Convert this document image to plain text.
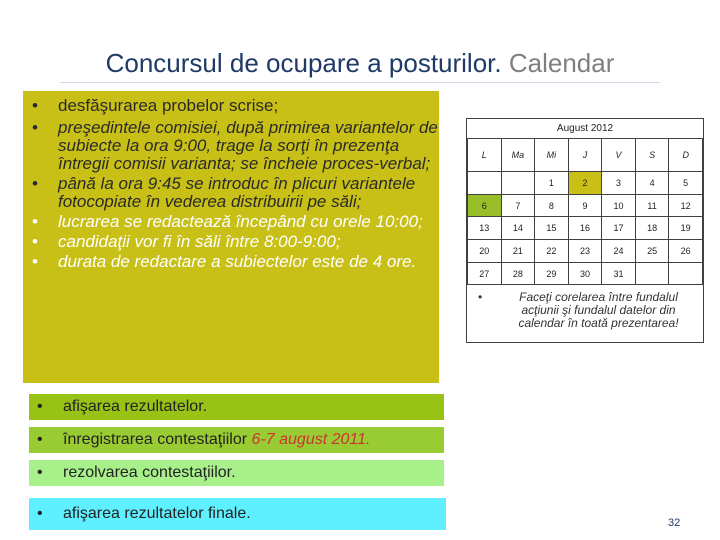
Concursul de ocupare a posturilor. Calendar
• desfăşurarea probelor scrise;
• preşedintele comisiei, după primirea variantelor de subiecte la ora 9:00, trage la sorţi în prezenţa întregii comisii varianta; se încheie proces-verbal;
• până la ora 9:45 se introduc în plicuri variantele fotocopiate în vederea distribuirii pe săli;
• lucrarea se redactează începând cu orele 10:00;
• candidaţii vor fi în săli între 8:00-9:00;
• durata de redactare a subiectelor este de 4 ore.
August 2012
L	Ma	Mi	J	V	S	D
		1	2	3	4	5
6	7	8	9	10	11	12
13	14	15	16	17	18	19
20	21	22	23	24	25	26
27	28	29	30	31		
•	Faceţi corelarea între fundalul acţiunii şi fundalul datelor din calendar în toată prezentarea!
• afişarea rezultatelor.
• înregistrarea contestaţiilor 6-7 august 2011.
• rezolvarea contestaţiilor.
• afişarea rezultatelor finale.
32
